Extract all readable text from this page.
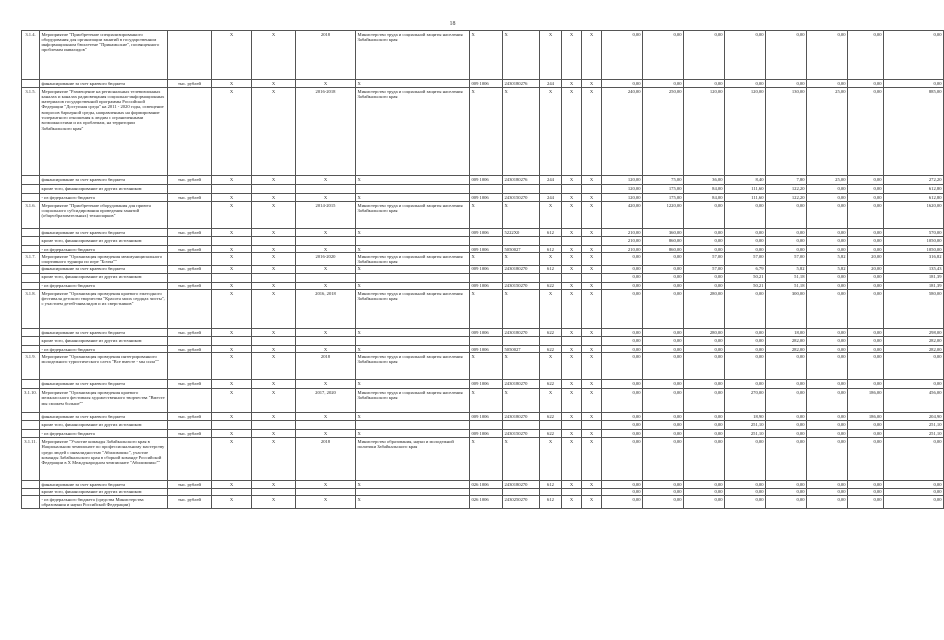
18
3.1.4.	Мероприятие "Приобретение специализированного оборудования для организации занятий в государственном информационном бюллетене "Прикамьские", посвященного проблемам инвалидов"		X	X	2018	Министерство труда и социальной защиты населения Забайкальского края	X	X	X	X	X	0,00	0,00	0,00	0,00	0,00	0,00	0,00	0,00
	финансирование за счет краевого бюджета	тыс. рублей	X	X	X	X	009 1006	2430180276	244	X	X	0,00	0,00	0,00	0,00	0,00	0,00	0,00	0,00
3.1.5.	Мероприятие "Размещение на региональных телевизионных каналах и каналах радиовещания социально-информационных материалов государственной программы Российской Федерации "Доступная среда" на 2011 - 2020 годы, освещение вопросов барьерной среды, направленных на формирование толерантного отношения к людям с ограниченными возможностями и их проблемам, на территории Забайкальского края"		X	X	2016-2018	Министерство труда и социальной защиты населения Забайкальского края	X	X	X	X	X	240,00	250,00	120,00	120,00	130,00	25,00	0,00	885,00
	финансирование за счет краевого бюджета	тыс. рублей	X	X	X	X	009 1006	2430180276	244	X	X	120,00	75,00	36,00	8,40	7,80	25,00	0,00	272,20
	кроме того, финансирование из других источников:											120,00	175,00	84,00	111,60	122,20	0,00	0,00	612,80
	- из федерального бюджета	тыс. рублей	X	X	X	X	009 1006	2430150270	244	X	X	120,00	175,00	84,00	111,60	122,20	0,00	0,00	612,80
3.1.6.	Мероприятие "Приобретение оборудования для приюта социального субсидирования проведения занятий (общеобразовательных) технопарков"		X	X	2014-2015	Министерство труда и социальной защиты населения Забайкальского края	X	X	X	X	X	420,00	1220,00	0,00	0,00	0,00	0,00	0,00	1620,00
	финансирование за счет краевого бюджета	тыс. рублей	X	X	X	X	009 1006	5222X0	612	X	X	210,00	360,00	0,00	0,00	0,00	0,00	0,00	570,00
	кроме того, финансирование из других источников:											210,00	860,00	0,00	0,00	0,00	0,00	0,00	1050,00
	- из федерального бюджета	тыс. рублей	X	X	X	X	009 1006	5050027	612	X	X	210,00	860,00	0,00	0,00	0,00	0,00	0,00	1050,00
3.1.7.	Мероприятие "Организация проведения межмуниципального спортивного турнира по игре "Бочча""		X	X	2016-2020	Министерство труда и социальной защиты населения Забайкальского края	X	X	X	X	X	0,00	0,00	57,00	57,00	57,00	5,82	20,00	316,82
	финансирование за счет краевого бюджета	тыс. рублей	X	X	X	X	009 1006	2430180270	612	X	X	0,00	0,00	57,00	6,79	5,82	5,82	20,00	135,43
	кроме того, финансирование из других источников:											0,00	0,00	0,00	50,21	51,18	0,00	0,00	181,39
	- из федерального бюджета	тыс. рублей	X	X	X	X	009 1006	2430150270	622	X	X	0,00	0,00	0,00	50,21	51,18	0,00	0,00	181,39
3.1.8.	Мероприятие "Организация проведения краевого ежегодного фестиваля детского творчества "Красота моих сердцах чисты", с участием детей-инвалидов и их сверстников"		X	X	2016, 2018	Министерство труда и социальной защиты населения Забайкальского края	X	X	X	X	X	0,00	0,00	280,00	0,00	300,00	0,00	0,00	580,00
	финансирование за счет краевого бюджета	тыс. рублей	X	X	X	X	009 1006	2430180270	622	X	X	0,00	0,00	280,00	0,00	18,00	0,00	0,00	298,00
	кроме того, финансирование из других источников:											0,00	0,00	0,00	0,00	282,00	0,00	0,00	282,00
	- из федерального бюджета	тыс. рублей	X	X	X	X	009 1006	5050027	622	X	X	0,00	0,00	0,00	0,00	282,00	0,00	0,00	282,00
3.1.9.	Мероприятие "Организация проведения интегрированного молодежного туристического слета "Все вместе - мы сила""		X	X	2018	Министерство труда и социальной защиты населения Забайкальского края	X	X	X	X	X	0,00	0,00	0,00	0,00	0,00	0,00	0,00	0,00
	финансирование за счет краевого бюджета	тыс. рублей	X	X	X	X	009 1006	2430180270	622	X	X	0,00	0,00	0,00	0,00	0,00	0,00	0,00	0,00
3.1.10.	Мероприятие "Организация проведения краевого межклассного фестиваля художественного творчества "Вместе мы сможем больше""		X	X	2017, 2020	Министерство труда и социальной защиты населения Забайкальского края	X	X	X	X	X	0,00	0,00	0,00	270,00	0,00	0,00	186,00	456,00
	финансирование за счет краевого бюджета	тыс. рублей	X	X	X	X	009 1006	2430180270	622	X	X	0,00	0,00	0,00	18,90	0,00	0,00	186,00	204,90
	кроме того, финансирование из других источников:											0,00	0,00	0,00	251,10	0,00	0,00	0,00	251,10
	- из федерального бюджета	тыс. рублей	X	X	X	X	009 1006	2430150270	622	X	X	0,00	0,00	0,00	251,10	0,00	0,00	0,00	251,10
3.1.11.	Мероприятие "Участие команды Забайкальского края в Национальном чемпионате по профессиональному мастерству среди людей с инвалидностью "Абилимпикс", участие команды Забайкальского края в сборной команде Российской Федерации в X Международном чемпионате "Абилимпикс""		X	X	2018	Министерство образования, науки и молодежной политики Забайкальского края	X	X	X	X	X	0,00	0,00	0,00	0,00	0,00	0,00	0,00	0,00
	финансирование за счет краевого бюджета	тыс. рублей	X	X	X	X	026 1006	2430180270	612	X	X	0,00	0,00	0,00	0,00	0,00	0,00	0,00	0,00
	кроме того, финансирование из других источников:											0,00	0,00	0,00	0,00	0,00	0,00	0,00	0,00
	- из федерального бюджета (средства Министерства образования и науки Российской Федерации)	тыс. рублей	X	X	X	X	026 1006	2430250270	612	X	X	0,00	0,00	0,00	0,00	0,00	0,00	0,00	0,00
